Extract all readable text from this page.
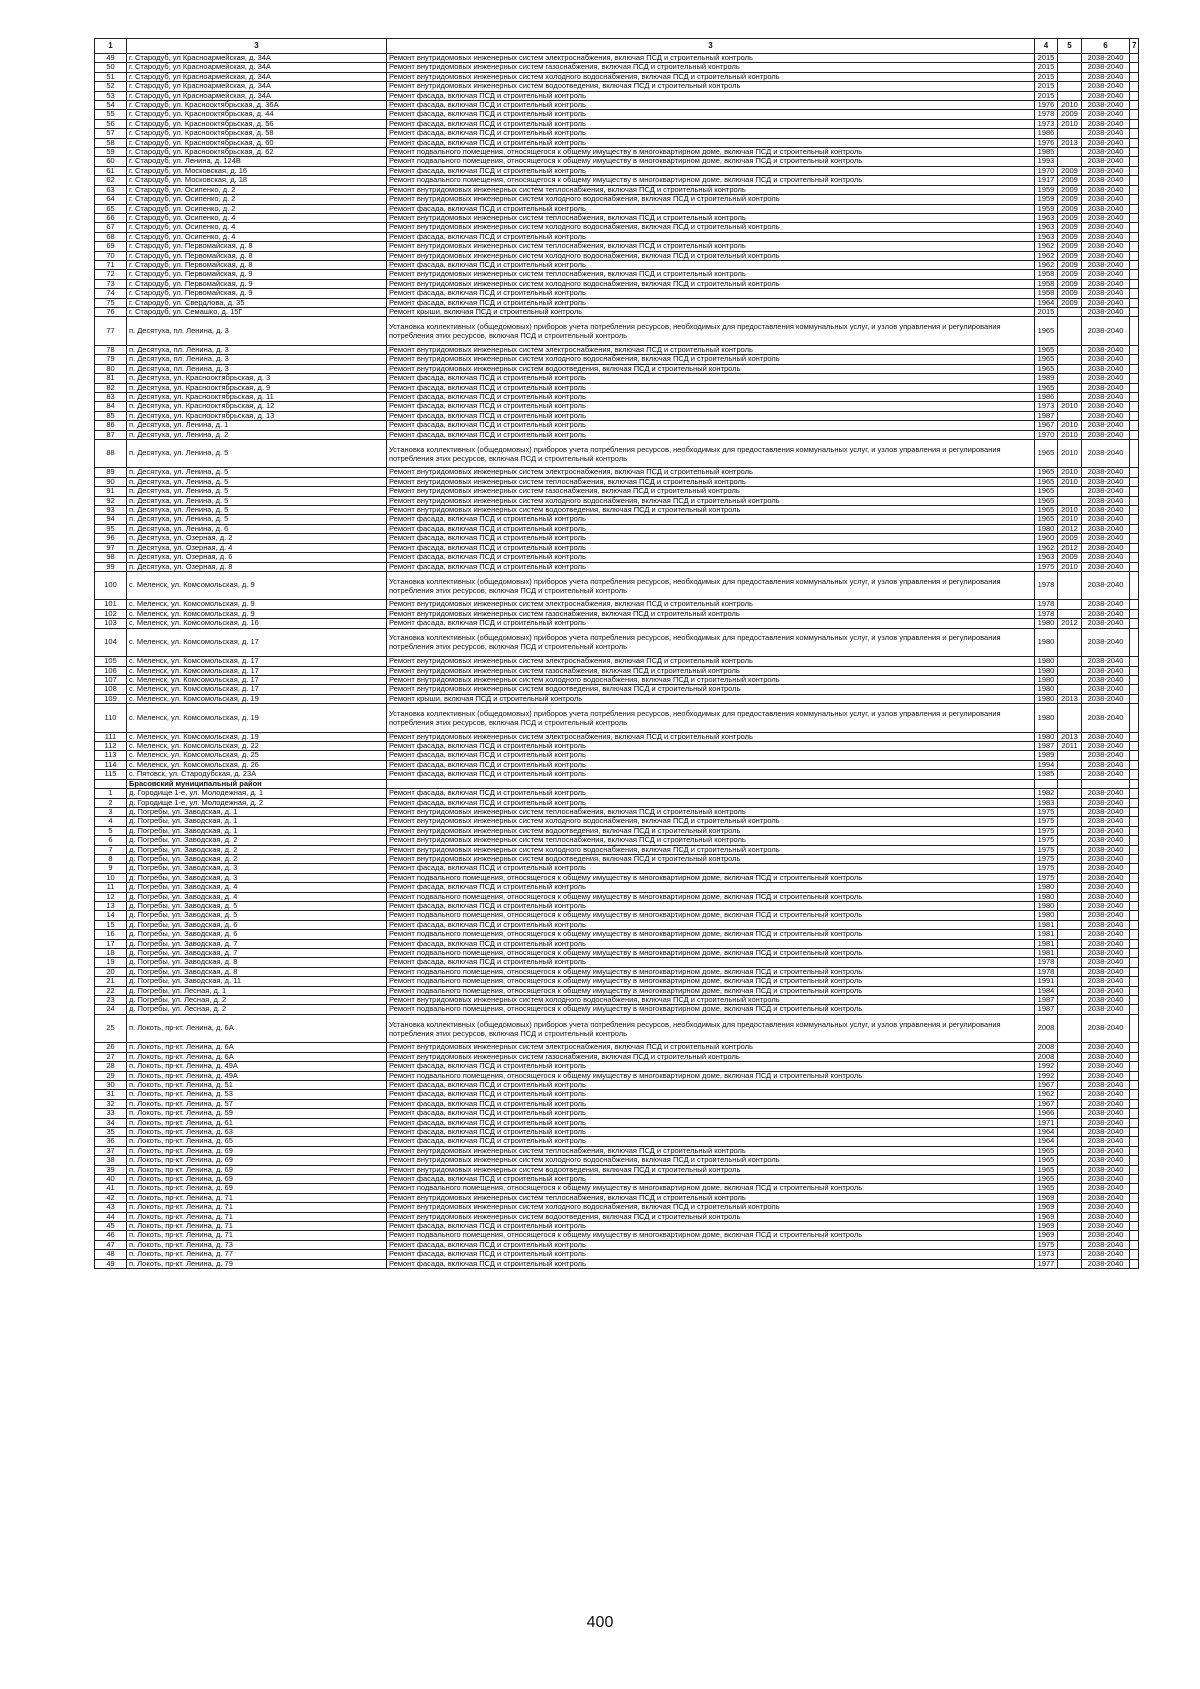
1	3	3	4	5	6	7
49	г. Стародуб, ул Красноармейская, д. 34А	Ремонт внутридомовых инженерных систем электроснабжения, включая ПСД и строительный контроль	2015		2038-2040	
50	г. Стародуб, ул Красноармейская, д. 34А	Ремонт внутридомовых инженерных систем газоснабжения, включая ПСД и строительный контроль	2015		2038-2040	
51	г. Стародуб, ул Красноармейская, д. 34А	Ремонт внутридомовых инженерных систем холодного водоснабжения, включая ПСД и строительный контроль	2015		2038-2040	
52	г. Стародуб, ул Красноармейская, д. 34А	Ремонт внутридомовых инженерных систем водоотведения, включая ПСД и строительный контроль	2015		2038-2040	
53	г. Стародуб, ул Красноармейская, д. 34А	Ремонт фасада, включая ПСД и строительный контроль	2015		2038-2040	
54	г. Стародуб, ул. Краснооктябрьская, д. 36А	Ремонт фасада, включая ПСД и строительный контроль	1976	2010	2038-2040	
55	г. Стародуб, ул. Краснооктябрьская, д. 44	Ремонт фасада, включая ПСД и строительный контроль	1978	2009	2038-2040	
56	г. Стародуб, ул. Краснооктябрьская, д. 56	Ремонт фасада, включая ПСД и строительный контроль	1973	2010	2038-2040	
57	г. Стародуб, ул. Краснооктябрьская, д. 58	Ремонт фасада, включая ПСД и строительный контроль	1986		2038-2040	
58	г. Стародуб, ул. Краснооктябрьская, д. 60	Ремонт фасада, включая ПСД и строительный контроль	1976	2013	2038-2040	
59	г. Стародуб, ул. Краснооктябрьская, д. 62	Ремонт подвального помещения, относящегося к общему имуществу в многоквартирном доме, включая ПСД и строительный контроль	1985		2038-2040	
60	г. Стародуб, ул. Ленина, д. 124В	Ремонт подвального помещения, относящегося к общему имуществу в многоквартирном доме, включая ПСД и строительный контроль	1993		2038-2040	
61	г. Стародуб, ул. Московская, д. 16	Ремонт фасада, включая ПСД и строительный контроль	1970	2009	2038-2040	
62	г. Стародуб, ул. Московская, д. 18	Ремонт подвального помещения, относящегося к общему имуществу в многоквартирном доме, включая ПСД и строительный контроль	1917	2009	2038-2040	
63	г. Стародуб, ул. Осипенко, д. 2	Ремонт внутридомовых инженерных систем теплоснабжения, включая ПСД и строительный контроль	1959	2009	2038-2040	
64	г. Стародуб, ул. Осипенко, д. 2	Ремонт внутридомовых инженерных систем холодного водоснабжения, включая ПСД и строительный контроль	1959	2009	2038-2040	
65	г. Стародуб, ул. Осипенко, д. 2	Ремонт фасада, включая ПСД и строительный контроль	1959	2009	2038-2040	
66	г. Стародуб, ул. Осипенко, д. 4	Ремонт внутридомовых инженерных систем теплоснабжения, включая ПСД и строительный контроль	1963	2009	2038-2040	
67	г. Стародуб, ул. Осипенко, д. 4	Ремонт внутридомовых инженерных систем холодного водоснабжения, включая ПСД и строительный контроль	1963	2009	2038-2040	
68	г. Стародуб, ул. Осипенко, д. 4	Ремонт фасада, включая ПСД и строительный контроль	1963	2009	2038-2040	
69	г. Стародуб, ул. Первомайская, д. 8	Ремонт внутридомовых инженерных систем теплоснабжения, включая ПСД и строительный контроль	1962	2009	2038-2040	
70	г. Стародуб, ул. Первомайская, д. 8	Ремонт внутридомовых инженерных систем холодного водоснабжения, включая ПСД и строительный контроль	1962	2009	2038-2040	
71	г. Стародуб, ул. Первомайская, д. 8	Ремонт фасада, включая ПСД и строительный контроль	1962	2009	2038-2040	
72	г. Стародуб, ул. Первомайская, д. 9	Ремонт внутридомовых инженерных систем теплоснабжения, включая ПСД и строительный контроль	1958	2009	2038-2040	
73	г. Стародуб, ул. Первомайская, д. 9	Ремонт внутридомовых инженерных систем холодного водоснабжения, включая ПСД и строительный контроль	1958	2009	2038-2040	
74	г. Стародуб, ул. Первомайская, д. 9	Ремонт фасада, включая ПСД и строительный контроль	1958	2009	2038-2040	
75	г. Стародуб, ул. Свердлова, д. 35	Ремонт фасада, включая ПСД и строительный контроль	1964	2009	2038-2040	
76	г. Стародуб, ул. Семашко, д. 15Г	Ремонт крыши, включая ПСД и строительный контроль	2015		2038-2040	
77	п. Десятуха, пл. Ленина, д. 3	Установка коллективных (общедомовых) приборов учета потребления ресурсов, необходимых для предоставления коммунальных услуг, и узлов управления и регулирования потребления этих ресурсов, включая ПСД и строительный контроль	1965		2038-2040	
78	п. Десятуха, пл. Ленина, д. 3	Ремонт внутридомовых инженерных систем электроснабжения, включая ПСД и строительный контроль	1965		2038-2040	
79	п. Десятуха, пл. Ленина, д. 3	Ремонт внутридомовых инженерных систем холодного водоснабжения, включая ПСД и строительный контроль	1965		2038-2040	
80	п. Десятуха, пл. Ленина, д. 3	Ремонт внутридомовых инженерных систем водоотведения, включая ПСД и строительный контроль	1965		2038-2040	
81	п. Десятуха, ул. Краснооктябрьская, д. 3	Ремонт фасада, включая ПСД и строительный контроль	1989		2038-2040	
82	п. Десятуха, ул. Краснооктябрьская, д. 9	Ремонт фасада, включая ПСД и строительный контроль	1965		2038-2040	
83	п. Десятуха, ул. Краснооктябрьская, д. 11	Ремонт фасада, включая ПСД и строительный контроль	1986		2038-2040	
84	п. Десятуха, ул. Краснооктябрьская, д. 12	Ремонт фасада, включая ПСД и строительный контроль	1973	2010	2038-2040	
85	п. Десятуха, ул. Краснооктябрьская, д. 13	Ремонт фасада, включая ПСД и строительный контроль	1987		2038-2040	
86	п. Десятуха, ул. Ленина, д. 1	Ремонт фасада, включая ПСД и строительный контроль	1967	2010	2038-2040	
87	п. Десятуха, ул. Ленина, д. 2	Ремонт фасада, включая ПСД и строительный контроль	1970	2010	2038-2040	
88	п. Десятуха, ул. Ленина, д. 5	Установка коллективных (общедомовых) приборов учета потребления ресурсов, необходимых для предоставления коммунальных услуг, и узлов управления и регулирования потребления этих ресурсов, включая ПСД и строительный контроль	1965	2010	2038-2040	
89	п. Десятуха, ул. Ленина, д. 5	Ремонт внутридомовых инженерных систем электроснабжения, включая ПСД и строительный контроль	1965	2010	2038-2040	
90	п. Десятуха, ул. Ленина, д. 5	Ремонт внутридомовых инженерных систем теплоснабжения, включая ПСД и строительный контроль	1965	2010	2038-2040	
91	п. Десятуха, ул. Ленина, д. 5	Ремонт внутридомовых инженерных систем газоснабжения, включая ПСД и строительный контроль	1965		2038-2040	
92	п. Десятуха, ул. Ленина, д. 5	Ремонт внутридомовых инженерных систем холодного водоснабжения, включая ПСД и строительный контроль	1965		2038-2040	
93	п. Десятуха, ул. Ленина, д. 5	Ремонт внутридомовых инженерных систем водоотведения, включая ПСД и строительный контроль	1965	2010	2038-2040	
94	п. Десятуха, ул. Ленина, д. 5	Ремонт фасада, включая ПСД и строительный контроль	1965	2010	2038-2040	
95	п. Десятуха, ул. Ленина, д. 6	Ремонт фасада, включая ПСД и строительный контроль	1980	2012	2038-2040	
96	п. Десятуха, ул. Озерная, д. 2	Ремонт фасада, включая ПСД и строительный контроль	1960	2009	2038-2040	
97	п. Десятуха, ул. Озерная, д. 4	Ремонт фасада, включая ПСД и строительный контроль	1962	2012	2038-2040	
98	п. Десятуха, ул. Озерная, д. 6	Ремонт фасада, включая ПСД и строительный контроль	1963	2009	2038-2040	
99	п. Десятуха, ул. Озерная, д. 8	Ремонт фасада, включая ПСД и строительный контроль	1975	2010	2038-2040	
100	с. Меленск, ул. Комсомольская, д. 9	Установка коллективных (общедомовых) приборов учета потребления ресурсов, необходимых для предоставления коммунальных услуг, и узлов управления и регулирования потребления этих ресурсов, включая ПСД и строительный контроль	1978		2038-2040	
101	с. Меленск, ул. Комсомольская, д. 9	Ремонт внутридомовых инженерных систем электроснабжения, включая ПСД и строительный контроль	1978		2038-2040	
102	с. Меленск, ул. Комсомольская, д. 9	Ремонт внутридомовых инженерных систем газоснабжения, включая ПСД и строительный контроль	1978		2038-2040	
103	с. Меленск, ул. Комсомольская, д. 16	Ремонт фасада, включая ПСД и строительный контроль	1980	2012	2038-2040	
104	с. Меленск, ул. Комсомольская, д. 17	Установка коллективных (общедомовых) приборов учета потребления ресурсов, необходимых для предоставления коммунальных услуг, и узлов управления и регулирования потребления этих ресурсов, включая ПСД и строительный контроль	1980		2038-2040	
105	с. Меленск, ул. Комсомольская, д. 17	Ремонт внутридомовых инженерных систем электроснабжения, включая ПСД и строительный контроль	1980		2038-2040	
106	с. Меленск, ул. Комсомольская, д. 17	Ремонт внутридомовых инженерных систем газоснабжения, включая ПСД и строительный контроль	1980		2038-2040	
107	с. Меленск, ул. Комсомольская, д. 17	Ремонт внутридомовых инженерных систем холодного водоснабжения, включая ПСД и строительный контроль	1980		2038-2040	
108	с. Меленск, ул. Комсомольская, д. 17	Ремонт внутридомовых инженерных систем водоотведения, включая ПСД и строительный контроль	1980		2038-2040	
109	с. Меленск, ул. Комсомольская, д. 19	Ремонт крыши, включая ПСД и строительный контроль	1980	2013	2038-2040	
110	с. Меленск, ул. Комсомольская, д. 19	Установка коллективных (общедомовых) приборов учета потребления ресурсов, необходимых для предоставления коммунальных услуг, и узлов управления и регулирования потребления этих ресурсов, включая ПСД и строительный контроль	1980		2038-2040	
111	с. Меленск, ул. Комсомольская, д. 19	Ремонт внутридомовых инженерных систем электроснабжения, включая ПСД и строительный контроль	1980	2013	2038-2040	
112	с. Меленск, ул. Комсомольская, д. 22	Ремонт фасада, включая ПСД и строительный контроль	1987	2011	2038-2040	
113	с. Меленск, ул. Комсомольская, д. 25	Ремонт фасада, включая ПСД и строительный контроль	1989		2038-2040	
114	с. Меленск, ул. Комсомольская, д. 26	Ремонт фасада, включая ПСД и строительный контроль	1994		2038-2040	
115	с. Пятовск, ул. Стародубская, д. 23А	Ремонт фасада, включая ПСД и строительный контроль	1985		2038-2040	
	Брасовский муниципальный район					
1	д. Городище 1-е, ул. Молодежная, д. 1	Ремонт фасада, включая ПСД и строительный контроль	1982		2038-2040	
2	д. Городище 1-е, ул. Молодежная, д. 2	Ремонт фасада, включая ПСД и строительный контроль	1983		2038-2040	
3	д. Погребы, ул. Заводская, д. 1	Ремонт внутридомовых инженерных систем теплоснабжения, включая ПСД и строительный контроль	1975		2038-2040	
4	д. Погребы, ул. Заводская, д. 1	Ремонт внутридомовых инженерных систем холодного водоснабжения, включая ПСД и строительный контроль	1975		2038-2040	
5	д. Погребы, ул. Заводская, д. 1	Ремонт внутридомовых инженерных систем водоотведения, включая ПСД и строительный контроль	1975		2038-2040	
6	д. Погребы, ул. Заводская, д. 2	Ремонт внутридомовых инженерных систем теплоснабжения, включая ПСД и строительный контроль	1975		2038-2040	
7	д. Погребы, ул. Заводская, д. 2	Ремонт внутридомовых инженерных систем холодного водоснабжения, включая ПСД и строительный контроль	1975		2038-2040	
8	д. Погребы, ул. Заводская, д. 2	Ремонт внутридомовых инженерных систем водоотведения, включая ПСД и строительный контроль	1975		2038-2040	
9	д. Погребы, ул. Заводская, д. 3	Ремонт фасада, включая ПСД и строительный контроль	1975		2038-2040	
10	д. Погребы, ул. Заводская, д. 3	Ремонт подвального помещения, относящегося к общему имуществу в многоквартирном доме, включая ПСД и строительный контроль	1975		2038-2040	
11	д. Погребы, ул. Заводская, д. 4	Ремонт фасада, включая ПСД и строительный контроль	1980		2038-2040	
12	д. Погребы, ул. Заводская, д. 4	Ремонт подвального помещения, относящегося к общему имуществу в многоквартирном доме, включая ПСД и строительный контроль	1980		2038-2040	
13	д. Погребы, ул. Заводская, д. 5	Ремонт фасада, включая ПСД и строительный контроль	1980		2038-2040	
14	д. Погребы, ул. Заводская, д. 5	Ремонт подвального помещения, относящегося к общему имуществу в многоквартирном доме, включая ПСД и строительный контроль	1980		2038-2040	
15	д. Погребы, ул. Заводская, д. 6	Ремонт фасада, включая ПСД и строительный контроль	1981		2038-2040	
16	д. Погребы, ул. Заводская, д. 6	Ремонт подвального помещения, относящегося к общему имуществу в многоквартирном доме, включая ПСД и строительный контроль	1981		2038-2040	
17	д. Погребы, ул. Заводская, д. 7	Ремонт фасада, включая ПСД и строительный контроль	1981		2038-2040	
18	д. Погребы, ул. Заводская, д. 7	Ремонт подвального помещения, относящегося к общему имуществу в многоквартирном доме, включая ПСД и строительный контроль	1981		2038-2040	
19	д. Погребы, ул. Заводская, д. 8	Ремонт фасада, включая ПСД и строительный контроль	1978		2038-2040	
20	д. Погребы, ул. Заводская, д. 8	Ремонт подвального помещения, относящегося к общему имуществу в многоквартирном доме, включая ПСД и строительный контроль	1978		2038-2040	
21	д. Погребы, ул. Заводская, д. 11	Ремонт подвального помещения, относящегося к общему имуществу в многоквартирном доме, включая ПСД и строительный контроль	1991		2038-2040	
22	д. Погребы, ул. Лесная, д. 1	Ремонт подвального помещения, относящегося к общему имуществу в многоквартирном доме, включая ПСД и строительный контроль	1984		2038-2040	
23	д. Погребы, ул. Лесная, д. 2	Ремонт внутридомовых инженерных систем холодного водоснабжения, включая ПСД и строительный контроль	1987		2038-2040	
24	д. Погребы, ул. Лесная, д. 2	Ремонт подвального помещения, относящегося к общему имуществу в многоквартирном доме, включая ПСД и строительный контроль	1987		2038-2040	
25	п. Локоть, пр-кт. Ленина, д. 6А	Установка коллективных (общедомовых) приборов учета потребления ресурсов, необходимых для предоставления коммунальных услуг, и узлов управления и регулирования потребления этих ресурсов, включая ПСД и строительный контроль	2008		2038-2040	
26	п. Локоть, пр-кт. Ленина, д. 6А	Ремонт внутридомовых инженерных систем электроснабжения, включая ПСД и строительный контроль	2008		2038-2040	
27	п. Локоть, пр-кт. Ленина, д. 6А	Ремонт внутридомовых инженерных систем газоснабжения, включая ПСД и строительный контроль	2008		2038-2040	
28	п. Локоть, пр-кт. Ленина, д. 49А	Ремонт фасада, включая ПСД и строительный контроль	1992		2038-2040	
29	п. Локоть, пр-кт. Ленина, д. 49А	Ремонт подвального помещения, относящегося к общему имуществу в многоквартирном доме, включая ПСД и строительный контроль	1992		2038-2040	
30	п. Локоть, пр-кт. Ленина, д. 51	Ремонт фасада, включая ПСД и строительный контроль	1967		2038-2040	
31	п. Локоть, пр-кт. Ленина, д. 53	Ремонт фасада, включая ПСД и строительный контроль	1962		2038-2040	
32	п. Локоть, пр-кт. Ленина, д. 57	Ремонт фасада, включая ПСД и строительный контроль	1967		2038-2040	
33	п. Локоть, пр-кт. Ленина, д. 59	Ремонт фасада, включая ПСД и строительный контроль	1966		2038-2040	
34	п. Локоть, пр-кт. Ленина, д. 61	Ремонт фасада, включая ПСД и строительный контроль	1971		2038-2040	
35	п. Локоть, пр-кт. Ленина, д. 63	Ремонт фасада, включая ПСД и строительный контроль	1964		2038-2040	
36	п. Локоть, пр-кт. Ленина, д. 65	Ремонт фасада, включая ПСД и строительный контроль	1964		2038-2040	
37	п. Локоть, пр-кт. Ленина, д. 69	Ремонт внутридомовых инженерных систем теплоснабжения, включая ПСД и строительный контроль	1965		2038-2040	
38	п. Локоть, пр-кт. Ленина, д. 69	Ремонт внутридомовых инженерных систем холодного водоснабжения, включая ПСД и строительный контроль	1965		2038-2040	
39	п. Локоть, пр-кт. Ленина, д. 69	Ремонт внутридомовых инженерных систем водоотведения, включая ПСД и строительный контроль	1965		2038-2040	
40	п. Локоть, пр-кт. Ленина, д. 69	Ремонт фасада, включая ПСД и строительный контроль	1965		2038-2040	
41	п. Локоть, пр-кт. Ленина, д. 69	Ремонт подвального помещения, относящегося к общему имуществу в многоквартирном доме, включая ПСД и строительный контроль	1965		2038-2040	
42	п. Локоть, пр-кт. Ленина, д. 71	Ремонт внутридомовых инженерных систем теплоснабжения, включая ПСД и строительный контроль	1969		2038-2040	
43	п. Локоть, пр-кт. Ленина, д. 71	Ремонт внутридомовых инженерных систем холодного водоснабжения, включая ПСД и строительный контроль	1969		2038-2040	
44	п. Локоть, пр-кт. Ленина, д. 71	Ремонт внутридомовых инженерных систем водоотведения, включая ПСД и строительный контроль	1969		2038-2040	
45	п. Локоть, пр-кт. Ленина, д. 71	Ремонт фасада, включая ПСД и строительный контроль	1969		2038-2040	
46	п. Локоть, пр-кт. Ленина, д. 71	Ремонт подвального помещения, относящегося к общему имуществу в многоквартирном доме, включая ПСД и строительный контроль	1969		2038-2040	
47	п. Локоть, пр-кт. Ленина, д. 73	Ремонт фасада, включая ПСД и строительный контроль	1975		2038-2040	
48	п. Локоть, пр-кт. Ленина, д. 77	Ремонт фасада, включая ПСД и строительный контроль	1973		2038-2040	
49	п. Локоть, пр-кт. Ленина, д. 79	Ремонт фасада, включая ПСД и строительный контроль	1977		2038-2040	
400
